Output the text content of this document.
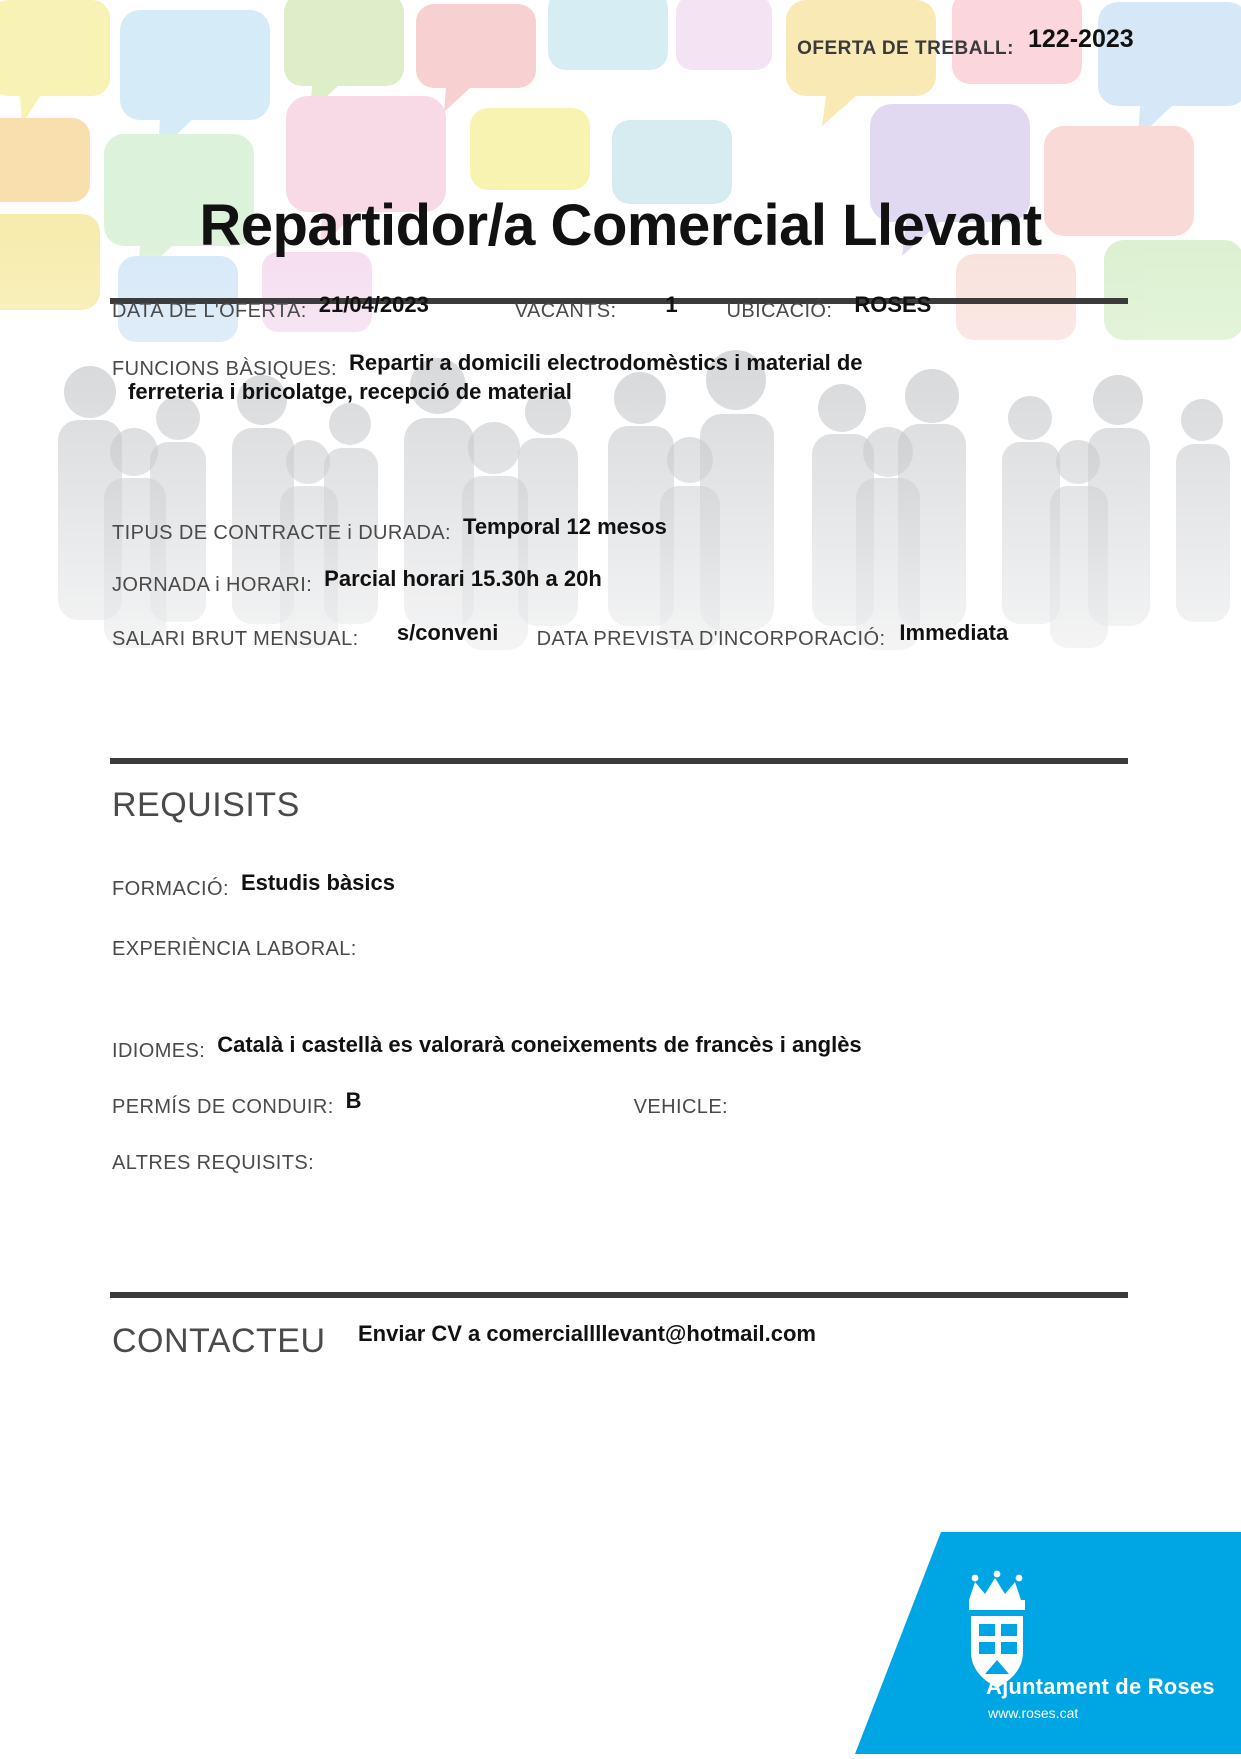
OFERTA DE TREBALL: 122-2023
Repartidor/a Comercial Llevant
DATA DE L'OFERTA: 21/04/2023	VACANTS: 1 UBICACIÓ: ROSES
FUNCIONS BÀSIQUES: Repartir a domicili electrodomèstics i material de
ferreteria i bricolatge, recepció de material
TIPUS DE CONTRACTE i DURADA: Temporal 12 mesos
JORNADA i HORARI: Parcial horari 15.30h a 20h
SALARI BRUT MENSUAL: s/conveni DATA PREVISTA D'INCORPORACIÓ: Immediata
REQUISITS
FORMACIÓ: Estudis bàsics
EXPERIÈNCIA LABORAL:
IDIOMES: Català i castellà es valorarà coneixements de francès i anglès
PERMÍS DE CONDUIR: B	VEHICLE:
ALTRES REQUISITS:
CONTACTEU Enviar CV a comerciallllevant@hotmail.com
Ajuntament de Roses
www.roses.cat
